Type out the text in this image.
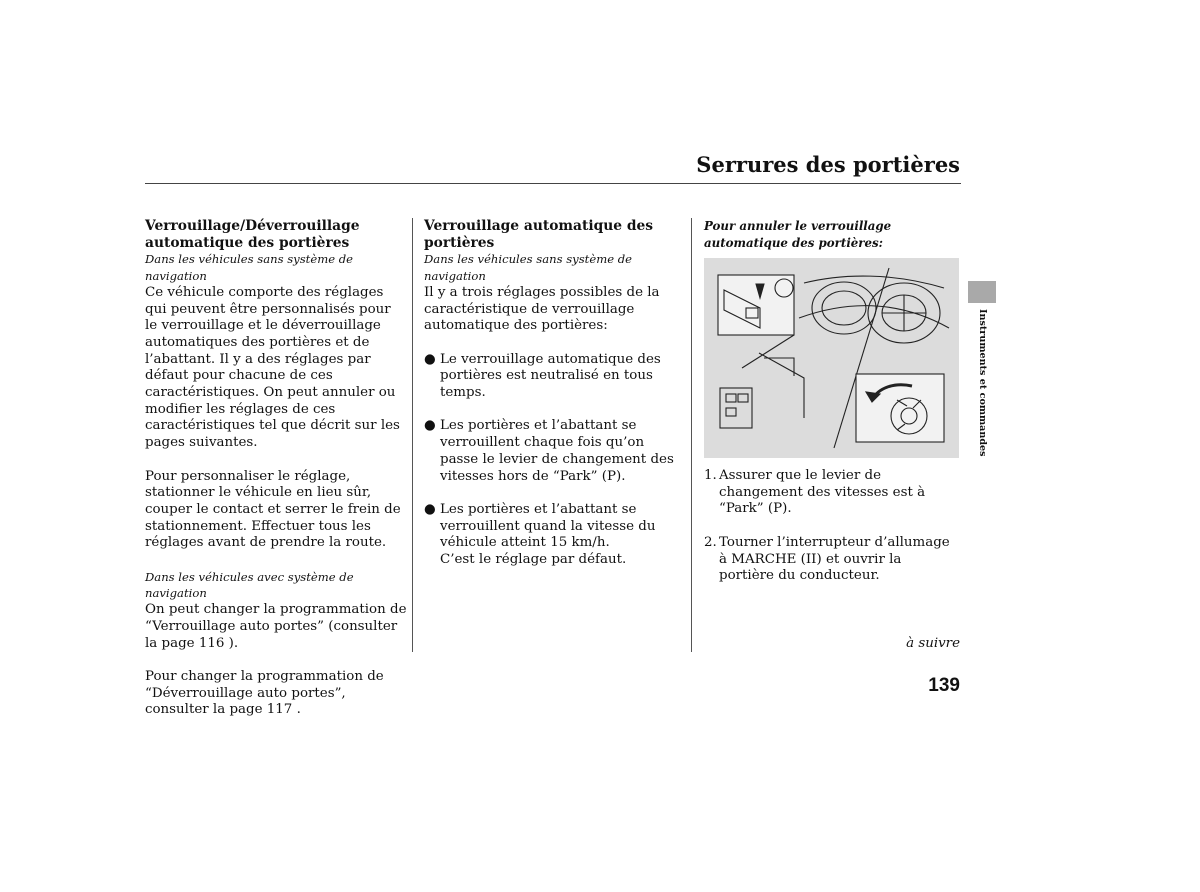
Serrures des portières

Verrouillage/Déverrouillage automatique des portières

Dans les véhicules sans système de navigation

Ce véhicule comporte des réglages qui peuvent être personnalisés pour le verrouillage et le déverrouillage automatiques des portières et de l’abattant. Il y a des réglages par défaut pour chacune de ces caractéristiques. On peut annuler ou modifier les réglages de ces caractéristiques tel que décrit sur les pages suivantes.

Pour personnaliser le réglage, stationner le véhicule en lieu sûr, couper le contact et serrer le frein de stationnement. Effectuer tous les réglages avant de prendre la route.

Dans les véhicules avec système de navigation

On peut changer la programmation de “Verrouillage auto portes” (consulter la page 116 ).

Pour changer la programmation de “Déverrouillage auto portes”, consulter la page 117 .

Verrouillage automatique des portières

Dans les véhicules sans système de navigation

Il y a trois réglages possibles de la caractéristique de verrouillage automatique des portières:

● Le verrouillage automatique des portières est neutralisé en tous temps.
● Les portières et l’abattant se verrouillent chaque fois qu’on passe le levier de changement des vitesses hors de “Park” (P).
● Les portières et l’abattant se verrouillent quand la vitesse du véhicule atteint 15 km/h.
C’est le réglage par défaut.

Pour annuler le verrouillage automatique des portières:

1. Assurer que le levier de changement des vitesses est à “Park” (P).
2. Tourner l’interrupteur d’allumage à MARCHE (II) et ouvrir la portière du conducteur.
Instruments et commandes
à suivre
139
